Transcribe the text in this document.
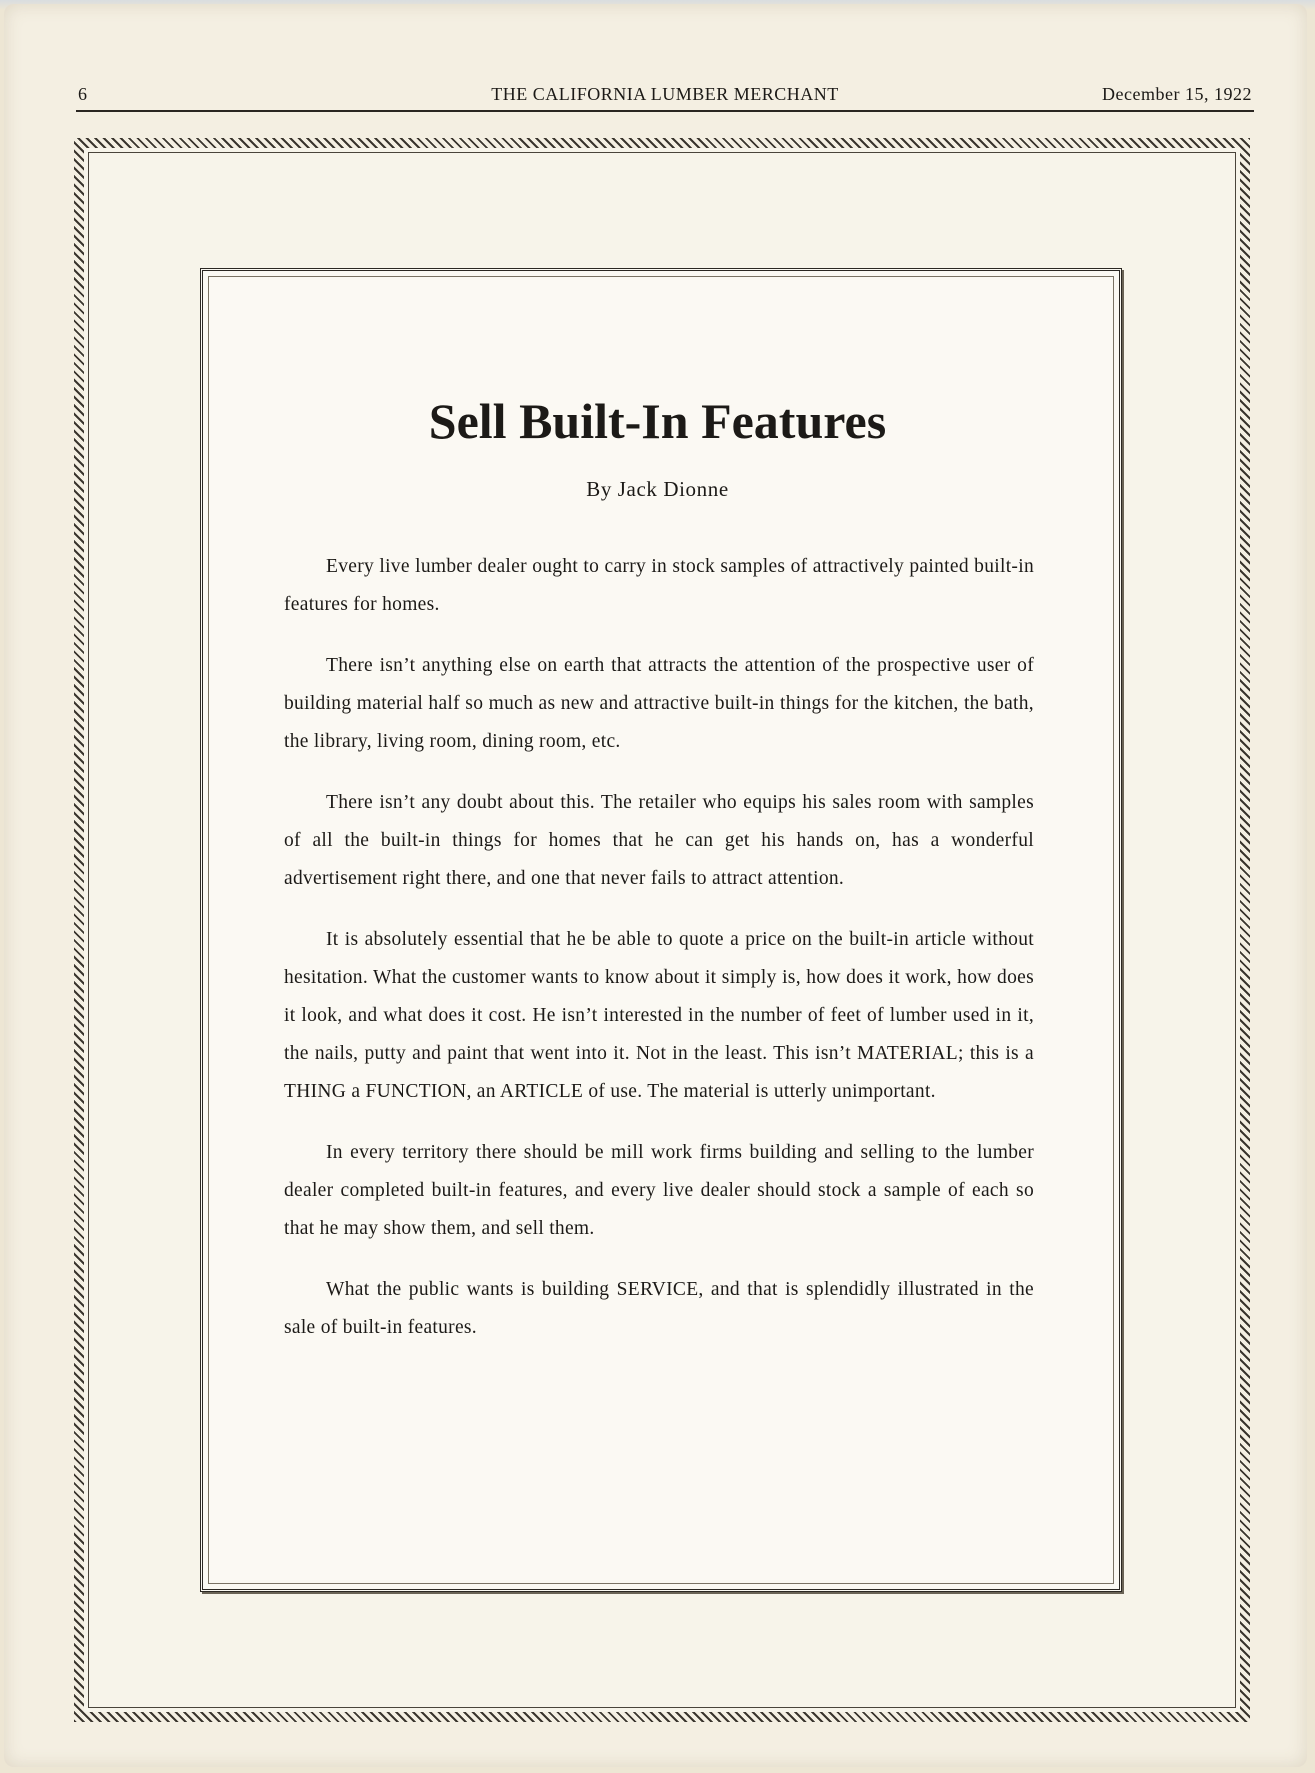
6	THE CALIFORNIA LUMBER MERCHANT	December 15, 1922
Sell Built-In Features
By Jack Dionne

Every live lumber dealer ought to carry in stock samples of attractively painted built-in features for homes.

There isn’t anything else on earth that attracts the attention of the prospective user of building material half so much as new and attractive built-in things for the kitchen, the bath, the library, living room, dining room, etc.

There isn’t any doubt about this. The retailer who equips his sales room with samples of all the built-in things for homes that he can get his hands on, has a wonderful advertisement right there, and one that never fails to attract attention.

It is absolutely essential that he be able to quote a price on the built-in article without hesitation. What the customer wants to know about it simply is, how does it work, how does it look, and what does it cost. He isn’t interested in the number of feet of lumber used in it, the nails, putty and paint that went into it. Not in the least. This isn’t MATERIAL; this is a THING a FUNCTION, an ARTICLE of use. The material is utterly unimportant.

In every territory there should be mill work firms building and selling to the lumber dealer completed built-in features, and every live dealer should stock a sample of each so that he may show them, and sell them.

What the public wants is building SERVICE, and that is splendidly illustrated in the sale of built-in features.
